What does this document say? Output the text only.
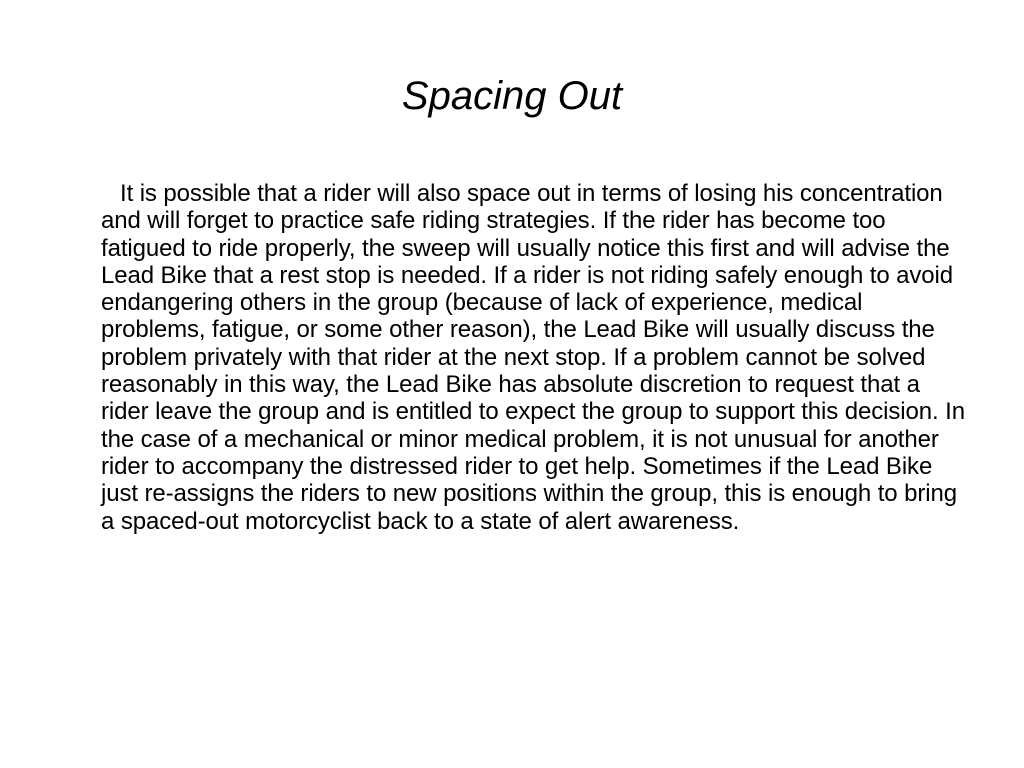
Spacing Out

It is possible that a rider will also space out in terms of losing his concentration and will forget to practice safe riding strategies. If the rider has become too fatigued to ride properly, the sweep will usually notice this first and will advise the Lead Bike that a rest stop is needed. If a rider is not riding safely enough to avoid endangering others in the group (because of lack of experience, medical problems, fatigue, or some other reason), the Lead Bike will usually discuss the problem privately with that rider at the next stop. If a problem cannot be solved reasonably in this way, the Lead Bike has absolute discretion to request that a rider leave the group and is entitled to expect the group to support this decision. In the case of a mechanical or minor medical problem, it is not unusual for another rider to accompany the distressed rider to get help. Sometimes if the Lead Bike just re-assigns the riders to new positions within the group, this is enough to bring a spaced-out motorcyclist back to a state of alert awareness.
